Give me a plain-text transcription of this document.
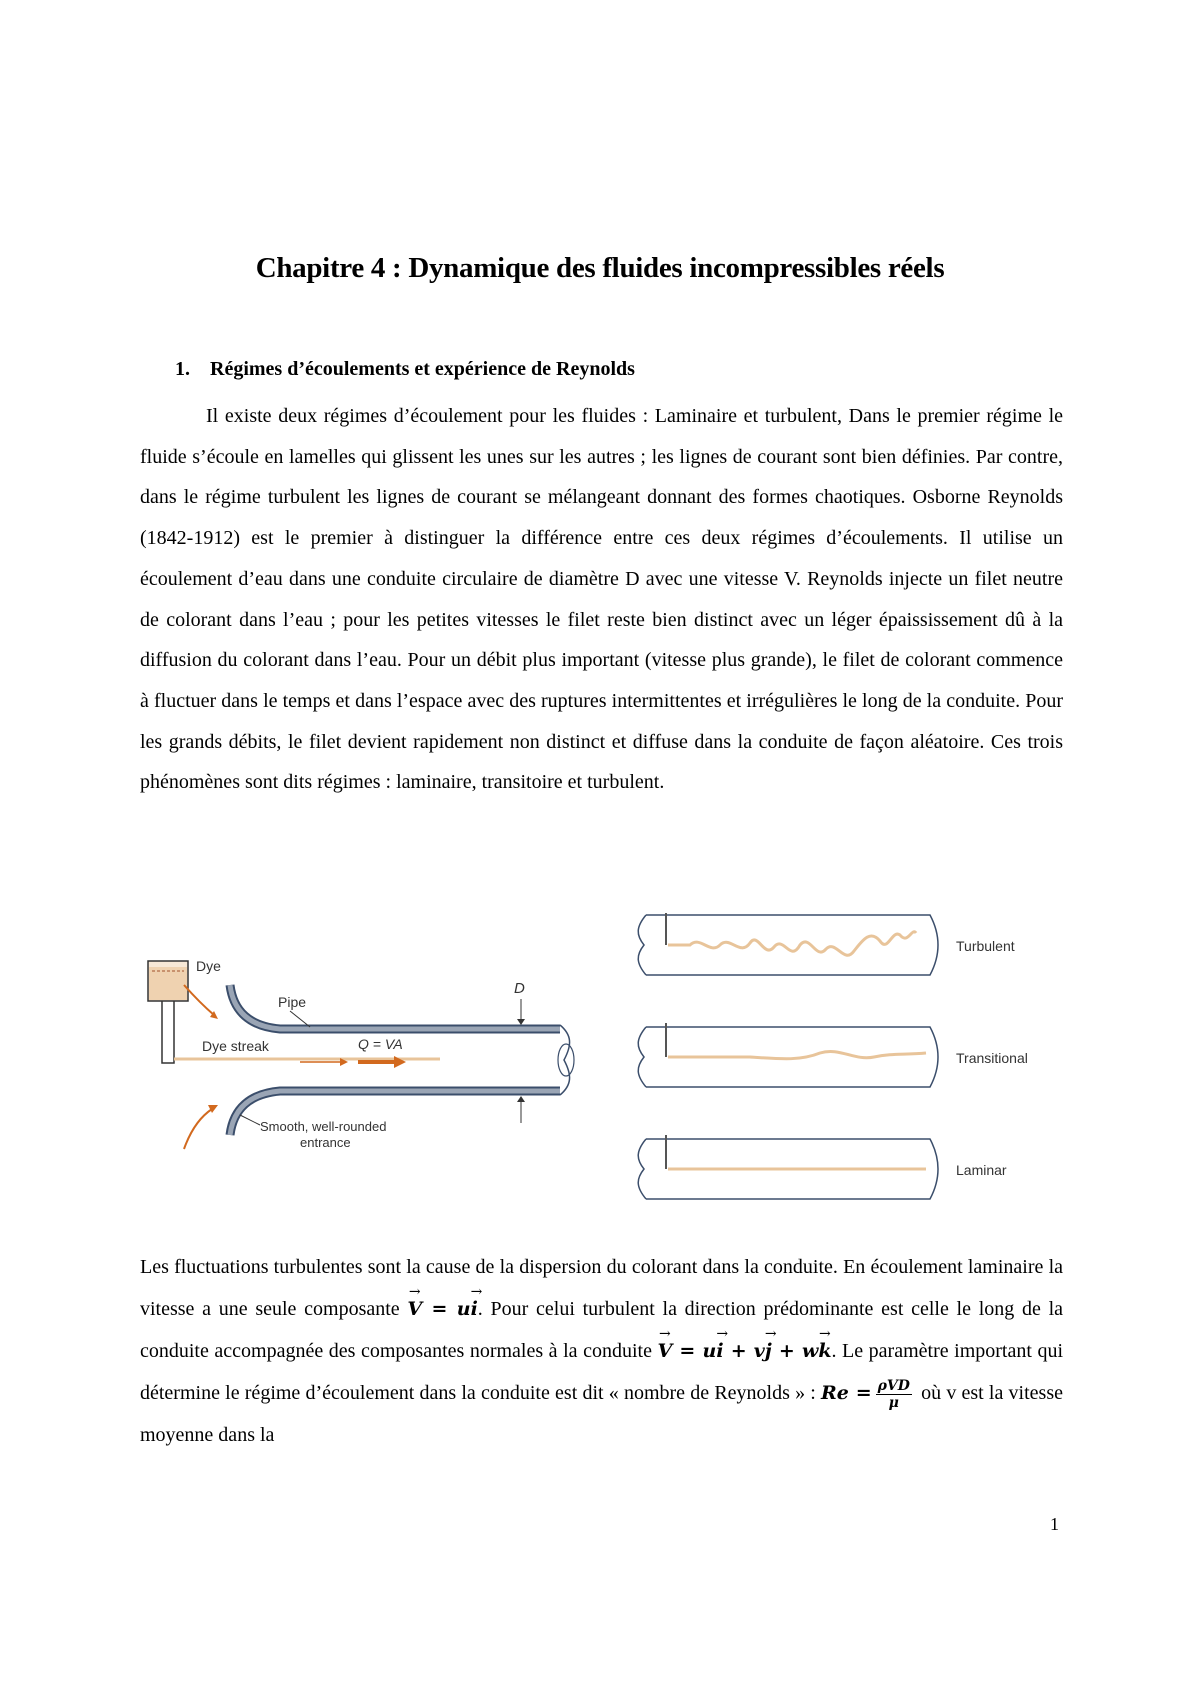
Chapitre 4 : Dynamique des fluides incompressibles réels
1. Régimes d’écoulements et expérience de Reynolds
Il existe deux régimes d’écoulement pour les fluides : Laminaire et turbulent, Dans le premier régime le fluide s’écoule en lamelles qui glissent les unes sur les autres ; les lignes de courant sont bien définies. Par contre, dans le régime turbulent les lignes de courant se mélangeant donnant des formes chaotiques. Osborne Reynolds (1842-1912) est le premier à distinguer la différence entre ces deux régimes d’écoulements. Il utilise un écoulement d’eau dans une conduite circulaire de diamètre D avec une vitesse V. Reynolds injecte un filet neutre de colorant dans l’eau ; pour les petites vitesses le filet reste bien distinct avec un léger épaississement dû à la diffusion du colorant dans l’eau. Pour un débit plus important (vitesse plus grande), le filet de colorant commence à fluctuer dans le temps et dans l’espace avec des ruptures intermittentes et irrégulières le long de la conduite. Pour les grands débits, le filet devient rapidement non distinct et diffuse dans la conduite de façon aléatoire. Ces trois phénomènes sont dits régimes : laminaire, transitoire et turbulent.
Dye
Pipe
D
Dye streak	Q = VA
Smooth, well-rounded
entrance
Turbulent
Transitional
Laminar
Les fluctuations turbulentes sont la cause de la dispersion du colorant dans la conduite. En écoulement laminaire la vitesse a une seule composante → V = u→ i. Pour celui turbulent la direction prédominante est celle le long de la conduite accompagnée des composantes normales à la conduite → V = u→ i + v→ j + w→ k. Le paramètre important qui détermine le régime d’écoulement dans la conduite est dit « nombre de Reynolds » : $Re = \frac{\text{ρVD}}{\mu}$ où v est la vitesse moyenne dans la
1
